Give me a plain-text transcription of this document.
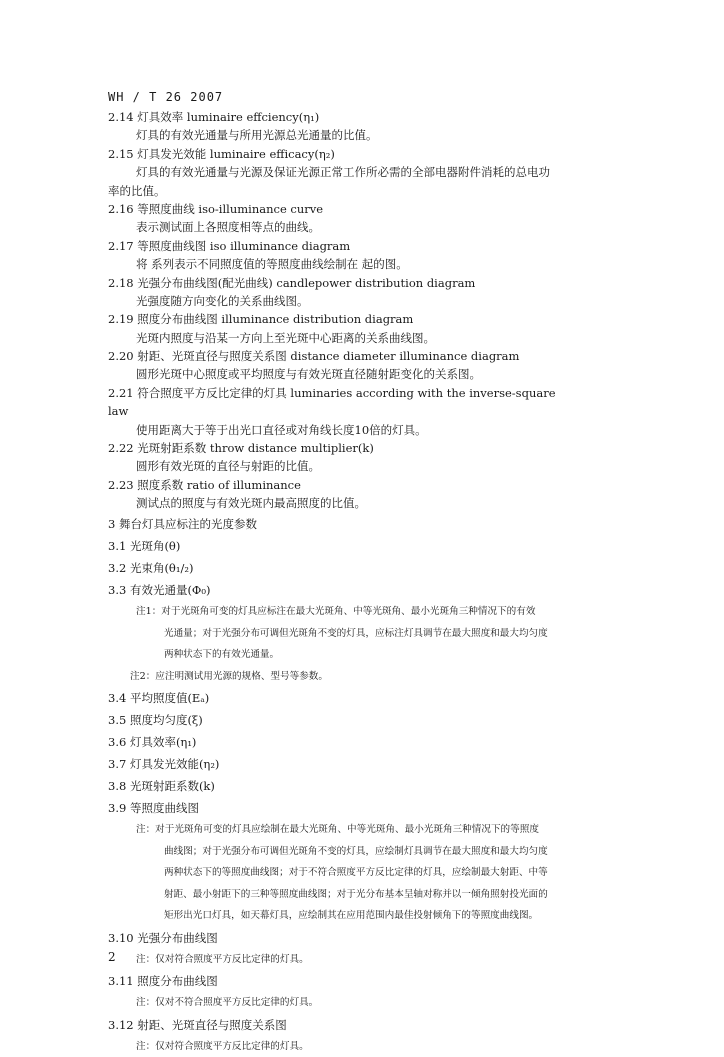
WH / T 26 2007
2.14 灯具效率 luminaire effciency(η₁)
灯具的有效光通量与所用光源总光通量的比值。
2.15 灯具发光效能 luminaire efficacy(η₂)
灯具的有效光通量与光源及保证光源正常工作所必需的全部电器附件消耗的总电功
率的比值。
2.16 等照度曲线 iso-illuminance curve
表示测试面上各照度相等点的曲线。
2.17 等照度曲线图 iso illuminance diagram
将 系列表示不同照度值的等照度曲线绘制在 起的图。
2.18 光强分布曲线图(配光曲线) candlepower distribution diagram
光强度随方向变化的关系曲线图。
2.19 照度分布曲线图 illuminance distribution diagram
光斑内照度与沿某一方向上至光斑中心距离的关系曲线图。
2.20 射距、光斑直径与照度关系图 distance diameter illuminance diagram
圆形光斑中心照度或平均照度与有效光斑直径随射距变化的关系图。
2.21 符合照度平方反比定律的灯具 luminaries according with the inverse-square
law
使用距离大于等于出光口直径或对角线长度10倍的灯具。
2.22 光斑射距系数 throw distance multiplier(k)
圆形有效光斑的直径与射距的比值。
2.23 照度系数 ratio of illuminance
测试点的照度与有效光斑内最高照度的比值。
3 舞台灯具应标注的光度参数
3.1 光斑角(θ)
3.2 光束角(θ₁/₂)
3.3 有效光通量(Φ₀)
注1：对于光斑角可变的灯具应标注在最大光斑角、中等光斑角、最小光斑角三种情况下的有效
光通量；对于光强分布可调但光斑角不变的灯具，应标注灯具调节在最大照度和最大均匀度
两种状态下的有效光通量。
注2：应注明测试用光源的规格、型号等参数。
3.4 平均照度值(Eₐ)
3.5 照度均匀度(ξ)
3.6 灯具效率(η₁)
3.7 灯具发光效能(η₂)
3.8 光斑射距系数(k)
3.9 等照度曲线图
注：对于光斑角可变的灯具应绘制在最大光斑角、中等光斑角、最小光斑角三种情况下的等照度
曲线图；对于光强分布可调但光斑角不变的灯具，应绘制灯具调节在最大照度和最大均匀度
两种状态下的等照度曲线图；对于不符合照度平方反比定律的灯具，应绘制最大射距、中等
射距、最小射距下的三种等照度曲线图；对于光分布基本呈轴对称并以一倾角照射投光面的
矩形出光口灯具，如天幕灯具，应绘制其在应用范围内最佳投射倾角下的等照度曲线图。
3.10 光强分布曲线图
注：仅对符合照度平方反比定律的灯具。
3.11 照度分布曲线图
注：仅对不符合照度平方反比定律的灯具。
3.12 射距、光斑直径与照度关系图
注：仅对符合照度平方反比定律的灯具。
2
